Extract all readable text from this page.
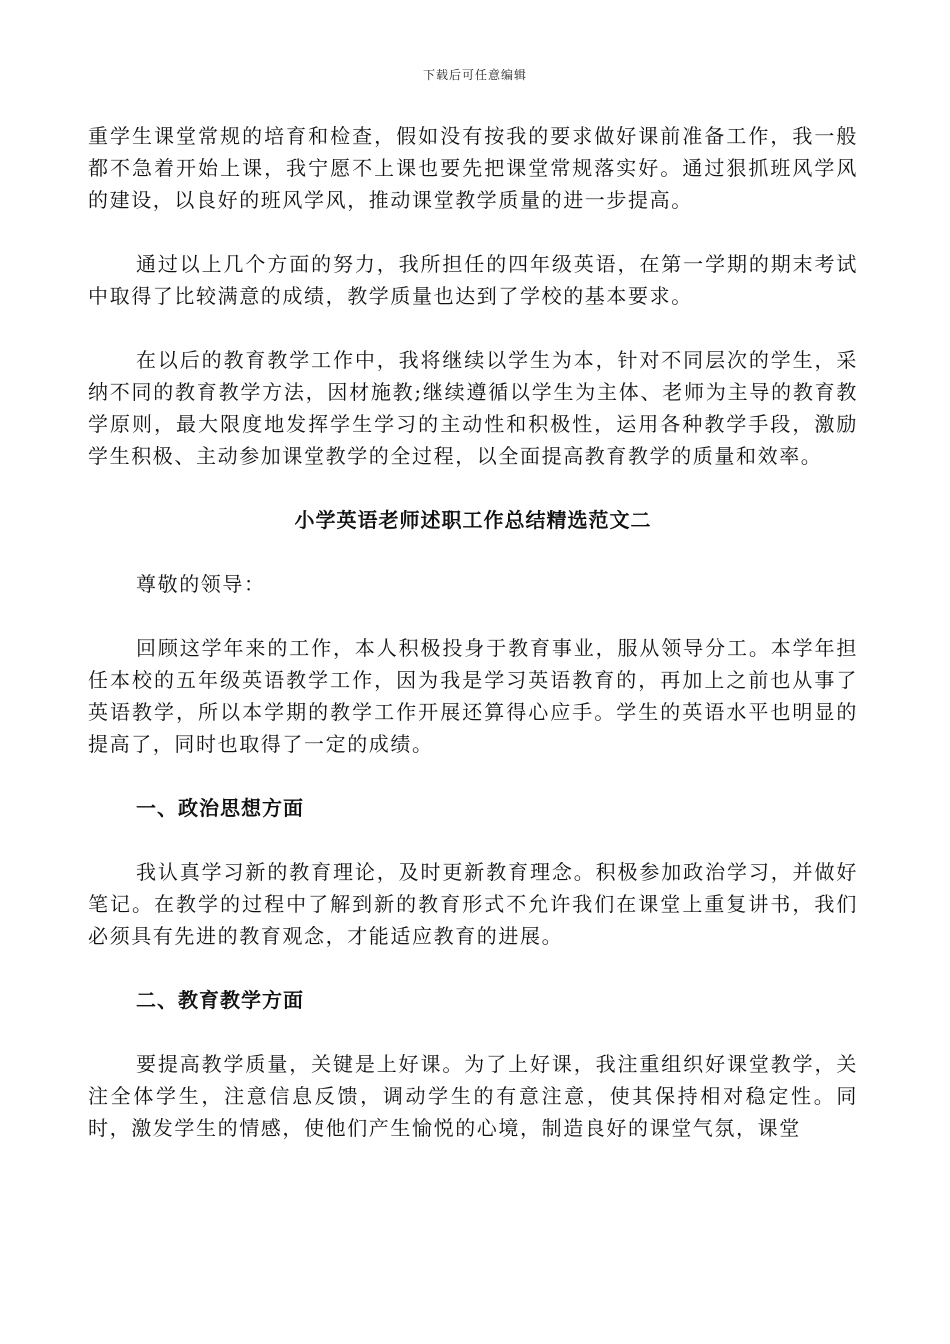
下载后可任意编辑

重学生课堂常规的培育和检查，假如没有按我的要求做好课前准备工作，我一般都不急着开始上课，我宁愿不上课也要先把课堂常规落实好。通过狠抓班风学风的建设，以良好的班风学风，推动课堂教学质量的进一步提高。

通过以上几个方面的努力，我所担任的四年级英语，在第一学期的期末考试中取得了比较满意的成绩，教学质量也达到了学校的基本要求。

在以后的教育教学工作中，我将继续以学生为本，针对不同层次的学生，采纳不同的教育教学方法，因材施教;继续遵循以学生为主体、老师为主导的教育教学原则，最大限度地发挥学生学习的主动性和积极性，运用各种教学手段，激励学生积极、主动参加课堂教学的全过程，以全面提高教育教学的质量和效率。

小学英语老师述职工作总结精选范文二

尊敬的领导：

回顾这学年来的工作，本人积极投身于教育事业，服从领导分工。本学年担任本校的五年级英语教学工作，因为我是学习英语教育的，再加上之前也从事了英语教学，所以本学期的教学工作开展还算得心应手。学生的英语水平也明显的提高了，同时也取得了一定的成绩。

一、政治思想方面

我认真学习新的教育理论，及时更新教育理念。积极参加政治学习，并做好笔记。在教学的过程中了解到新的教育形式不允许我们在课堂上重复讲书，我们必须具有先进的教育观念，才能适应教育的进展。

二、教育教学方面

要提高教学质量，关键是上好课。为了上好课，我注重组织好课堂教学，关注全体学生，注意信息反馈，调动学生的有意注意，使其保持相对稳定性。同时，激发学生的情感，使他们产生愉悦的心境，制造良好的课堂气氛，课堂
